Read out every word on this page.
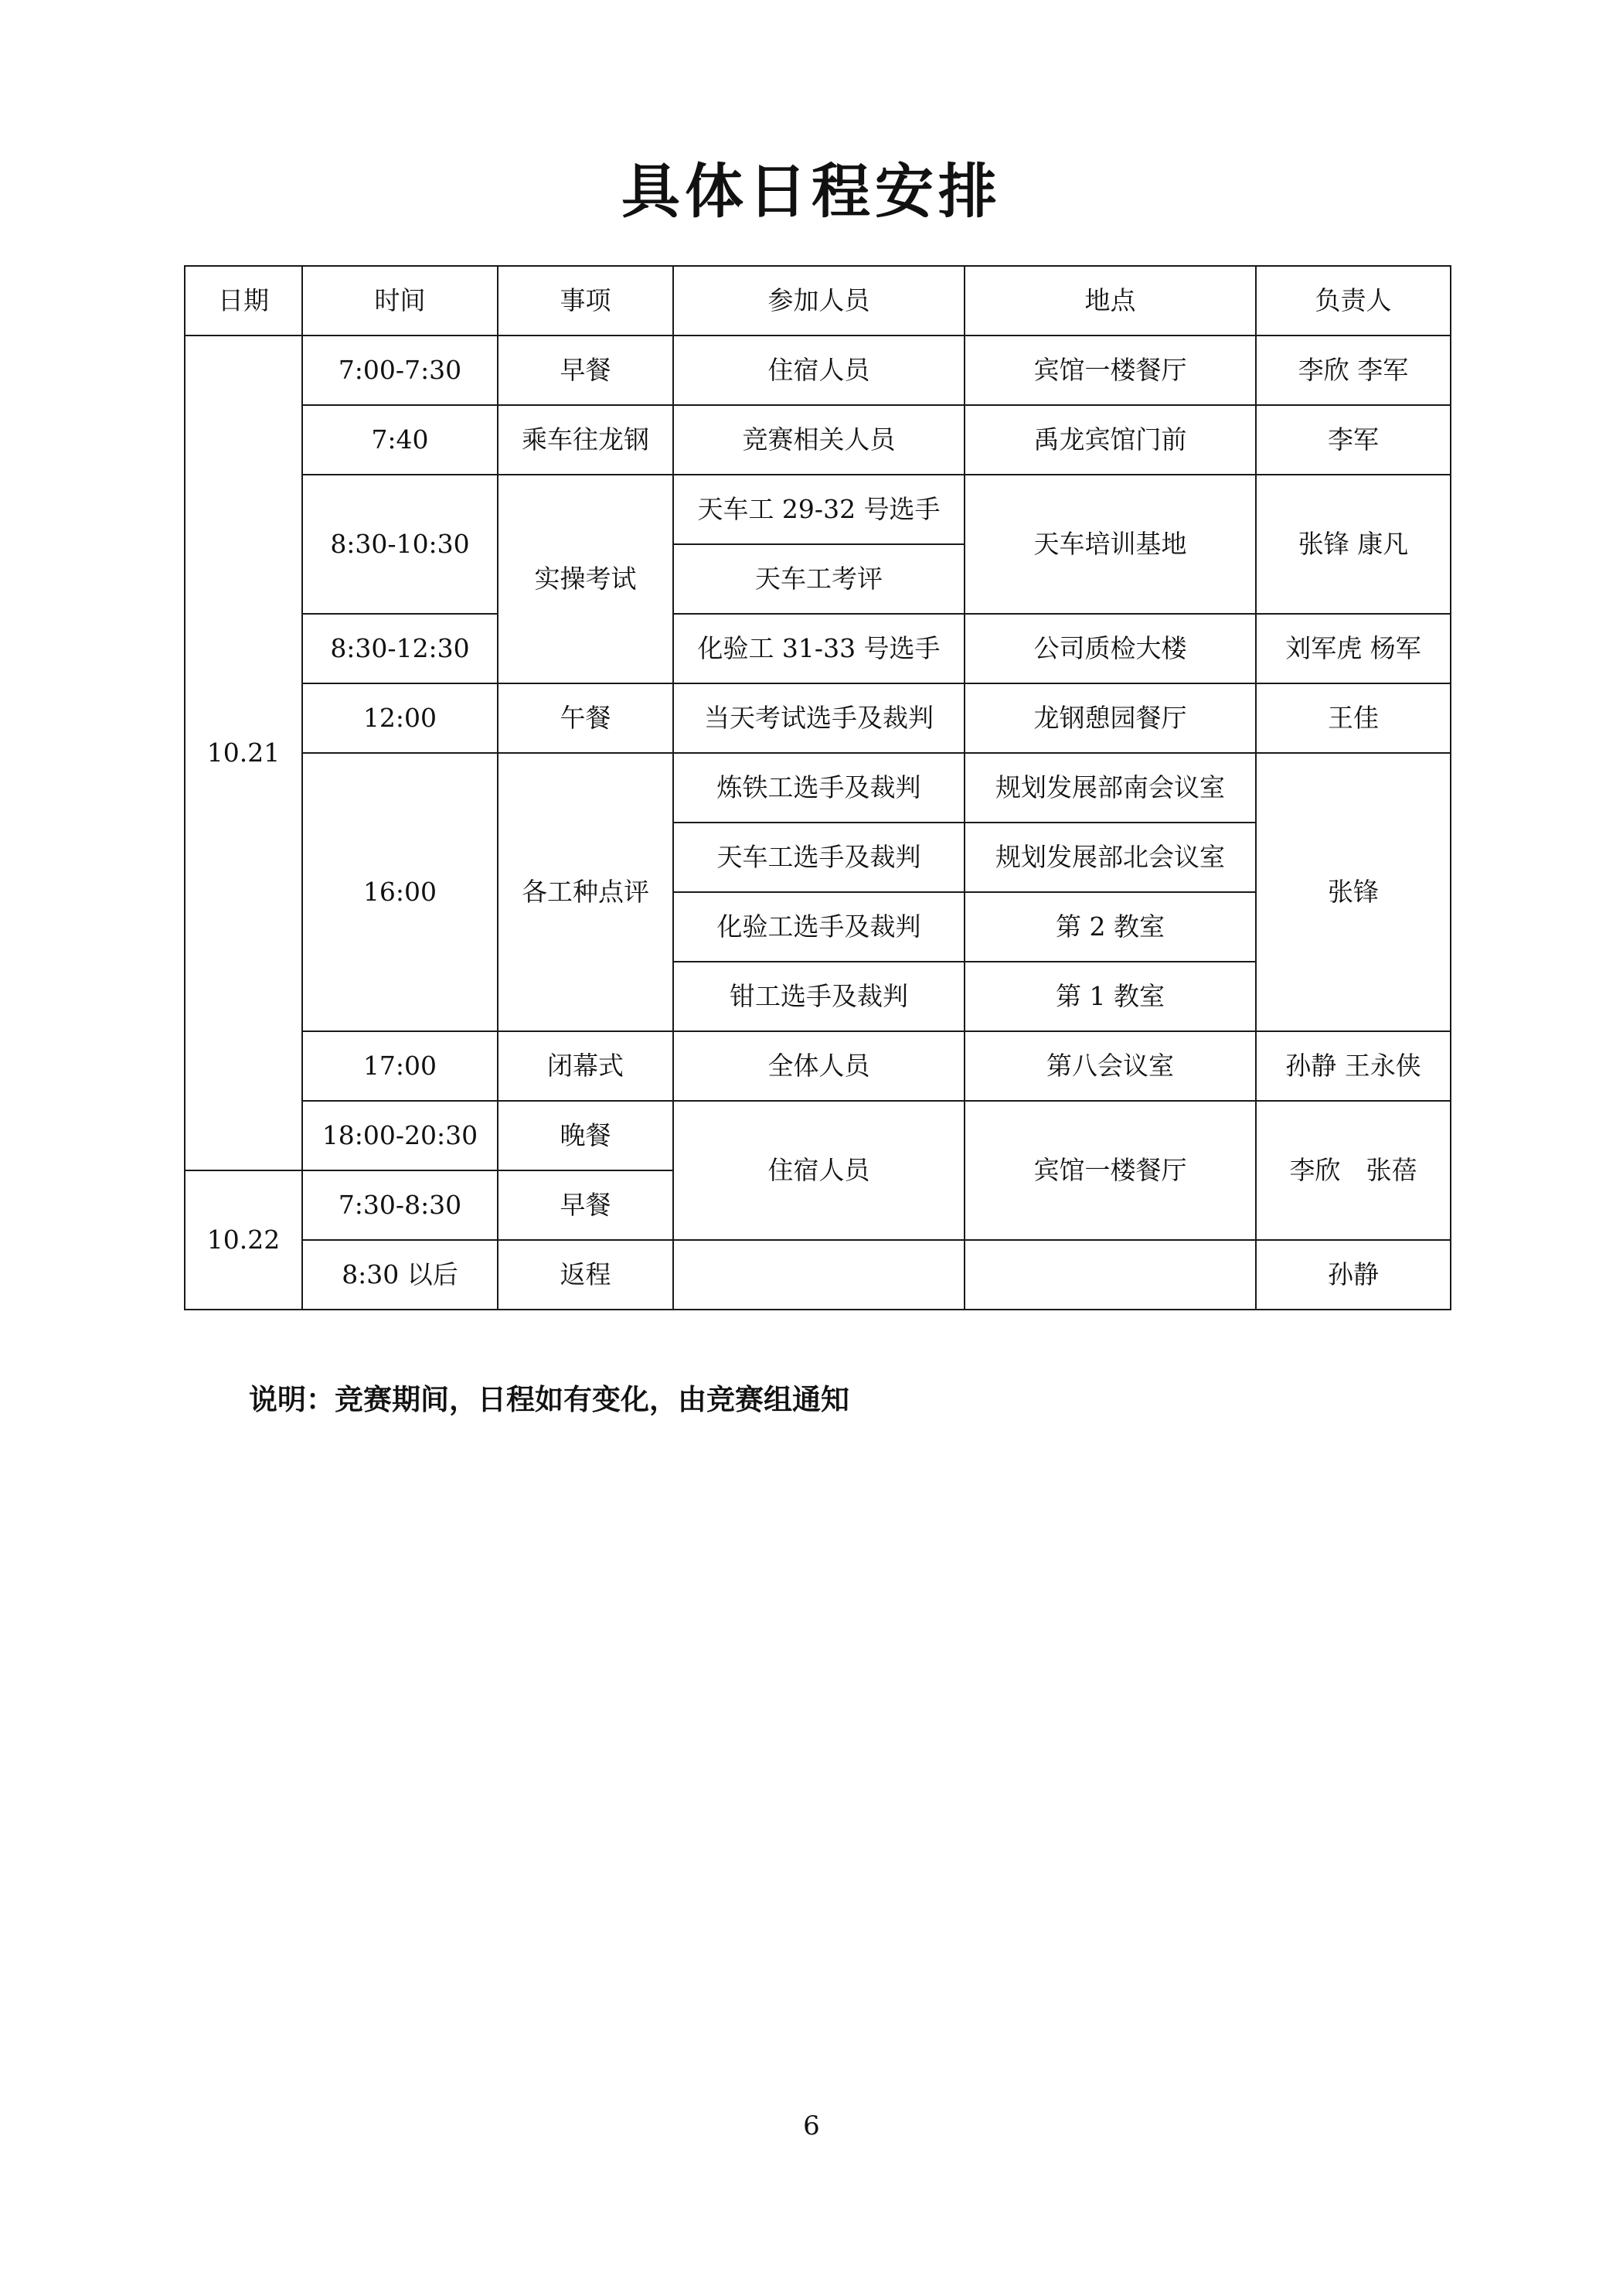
具体日程安排
日期	时间	事项	参加人员	地点	负责人
10.21	7:00-7:30	早餐	住宿人员	宾馆一楼餐厅	李欣 李军
	7:40	乘车往龙钢	竞赛相关人员	禹龙宾馆门前	李军
	8:30-10:30	实操考试	天车工 29-32 号选手	天车培训基地	张锋 康凡
			天车工考评		
	8:30-12:30		化验工 31-33 号选手	公司质检大楼	刘军虎 杨军
	12:00	午餐	当天考试选手及裁判	龙钢憩园餐厅	王佳
	16:00	各工种点评	炼铁工选手及裁判	规划发展部南会议室	张锋
			天车工选手及裁判	规划发展部北会议室	
			化验工选手及裁判	第 2 教室	
			钳工选手及裁判	第 1 教室	
	17:00	闭幕式	全体人员	第八会议室	孙静 王永侠
	18:00-20:30	晚餐	住宿人员	宾馆一楼餐厅	李欣　张蓓
10.22	7:30-8:30	早餐			
	8:30 以后	返程			孙静
说明：竞赛期间，日程如有变化，由竞赛组通知
6
